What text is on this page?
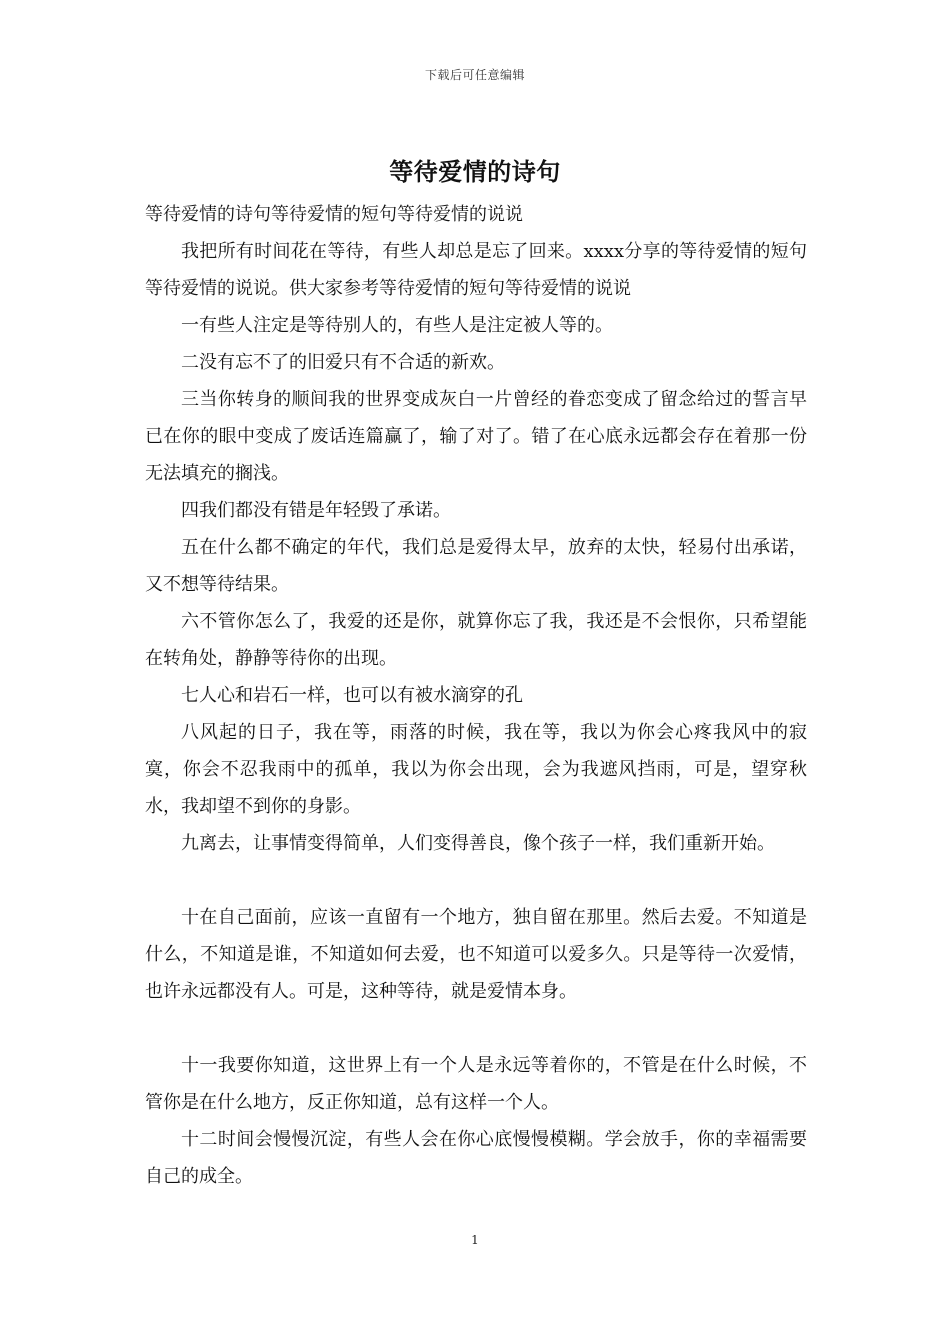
下载后可任意编辑
等待爱情的诗句

等待爱情的诗句等待爱情的短句等待爱情的说说

我把所有时间花在等待，有些人却总是忘了回来。xxxx分享的等待爱情的短句等待爱情的说说。供大家参考等待爱情的短句等待爱情的说说

一有些人注定是等待别人的，有些人是注定被人等的。

二没有忘不了的旧爱只有不合适的新欢。

三当你转身的顺间我的世界变成灰白一片曾经的眷恋变成了留念给过的誓言早已在你的眼中变成了废话连篇赢了，输了对了。错了在心底永远都会存在着那一份无法填充的搁浅。

四我们都没有错是年轻毁了承诺。

五在什么都不确定的年代，我们总是爱得太早，放弃的太快，轻易付出承诺，又不想等待结果。

六不管你怎么了，我爱的还是你，就算你忘了我，我还是不会恨你，只希望能在转角处，静静等待你的出现。

七人心和岩石一样，也可以有被水滴穿的孔

八风起的日子，我在等，雨落的时候，我在等，我以为你会心疼我风中的寂寞，你会不忍我雨中的孤单，我以为你会出现，会为我遮风挡雨，可是，望穿秋水，我却望不到你的身影。

九离去，让事情变得简单，人们变得善良，像个孩子一样，我们重新开始。

十在自己面前，应该一直留有一个地方，独自留在那里。然后去爱。不知道是什么，不知道是谁，不知道如何去爱，也不知道可以爱多久。只是等待一次爱情，也许永远都没有人。可是，这种等待，就是爱情本身。

十一我要你知道，这世界上有一个人是永远等着你的，不管是在什么时候，不管你是在什么地方，反正你知道，总有这样一个人。

十二时间会慢慢沉淀，有些人会在你心底慢慢模糊。学会放手，你的幸福需要自己的成全。

1
